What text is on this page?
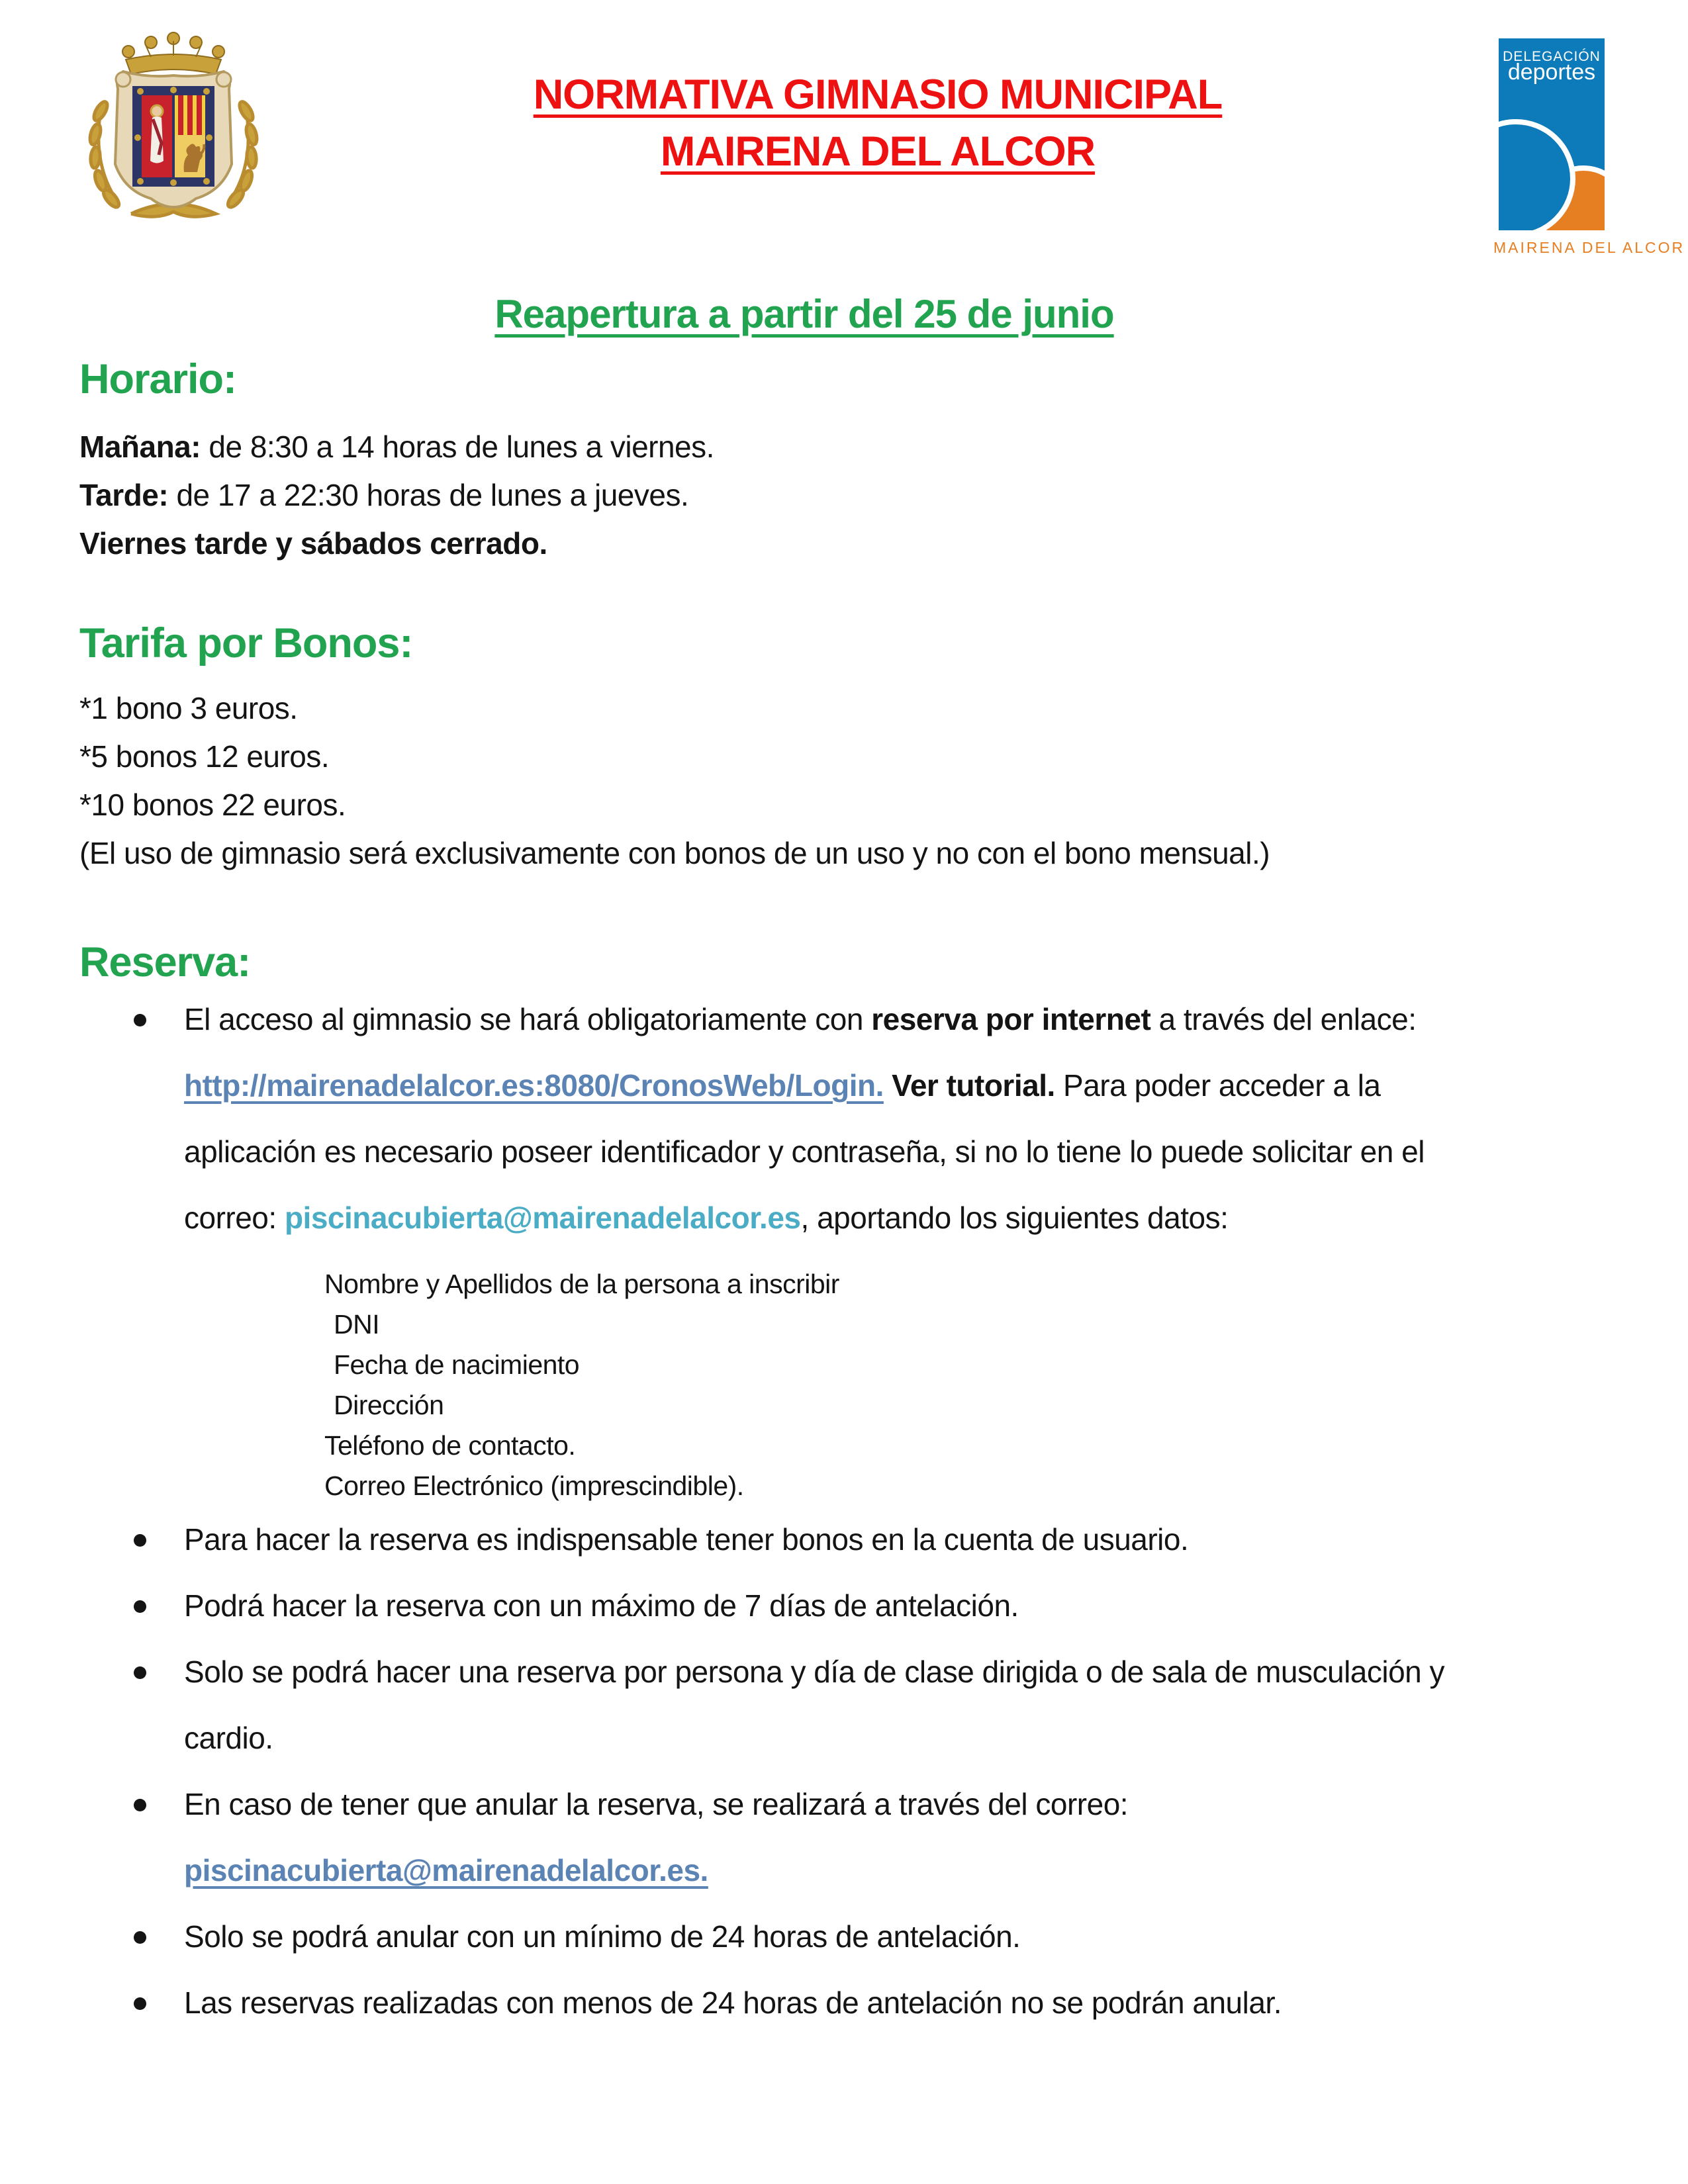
NORMATIVA GIMNASIO MUNICIPAL
MAIRENA DEL ALCOR
DELEGACIÓN
deportes
MAIRENA DEL ALCOR
Reapertura a partir del 25 de junio
Horario:

Mañana: de 8:30 a 14 horas de lunes a viernes.

Tarde: de 17 a 22:30 horas de lunes a jueves.

Viernes tarde y sábados cerrado.

Tarifa por Bonos:

*1 bono 3 euros.

*5 bonos 12 euros.

*10 bonos 22 euros.

(El uso de gimnasio será exclusivamente con bonos de un uso y no con el bono mensual.)

Reserva:
El acceso al gimnasio se hará obligatoriamente con reserva por internet a través del enlace: http://mairenadelalcor.es:8080/CronosWeb/Login. Ver tutorial. Para poder acceder a la aplicación es necesario poseer identificador y contraseña, si no lo tiene lo puede solicitar en el correo: piscinacubierta@mairenadelalcor.es, aportando los siguientes datos:

Nombre y Apellidos de la persona a inscribir

DNI

Fecha de nacimiento

Dirección

Teléfono de contacto.

Correo Electrónico (imprescindible).

Para hacer la reserva es indispensable tener bonos en la cuenta de usuario.
Podrá hacer la reserva con un máximo de 7 días de antelación.
Solo se podrá hacer una reserva por persona y día de clase dirigida o de sala de musculación y cardio.
En caso de tener que anular la reserva, se realizará a través del correo: piscinacubierta@mairenadelalcor.es.
Solo se podrá anular con un mínimo de 24 horas de antelación.
Las reservas realizadas con menos de 24 horas de antelación no se podrán anular.
